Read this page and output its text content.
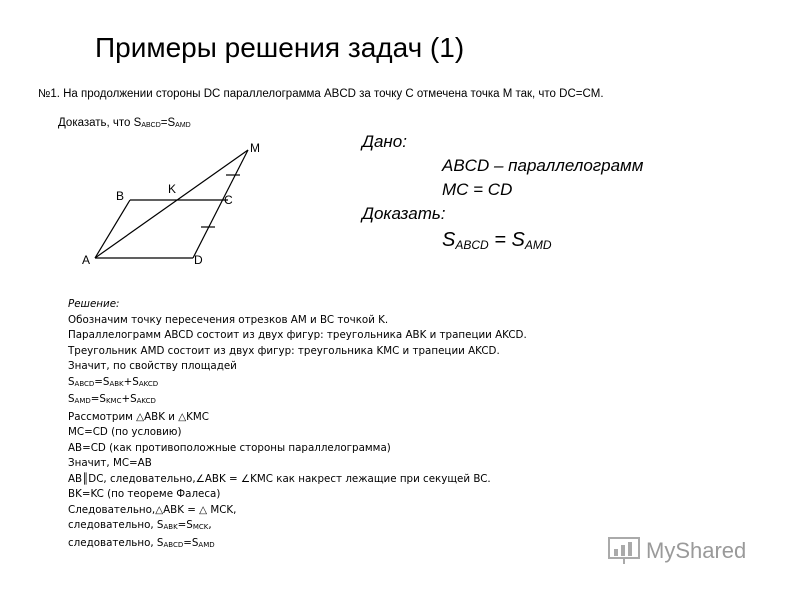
Примеры решения задач (1)
№1. На продолжении стороны DC параллелограмма ABCD за точку C отмечена точка M так, что DC=CM.
Доказать, что $S_{ABCD}=S_{AMD}$
M
B	K
C
A	D
Дано:
ABCD – параллелограмм
MC = CD
Доказать:
$S_{ABCD} = S_{AMD}$
Решение:
Обозначим точку пересечения отрезков AM и BC точкой K.
Параллелограмм ABCD состоит из двух фигур: треугольника ABK и трапеции AKCD.
Треугольник AMD состоит из двух фигур: треугольника KMC и трапеции AKCD.
Значит, по свойству площадей
$S_{ABCD}=S_{ABK}+S_{AKCD}$
$S_{AMD}=S_{KMC}+S_{AKCD}$
Рассмотрим △ABK и △KMC
MC=CD (по условию)
AB=CD (как противоположные стороны параллелограмма)
Значит, MC=AB
AB║DC, следовательно,∠ABK = ∠KMC как накрест лежащие при секущей BC.
BK=KC (по теореме Фалеса)
Следовательно,△ABK = △ MCK,
следовательно, $S_{ABK}=S_{MCK}$,
следовательно, $S_{ABCD}=S_{AMD}$	MyShared
